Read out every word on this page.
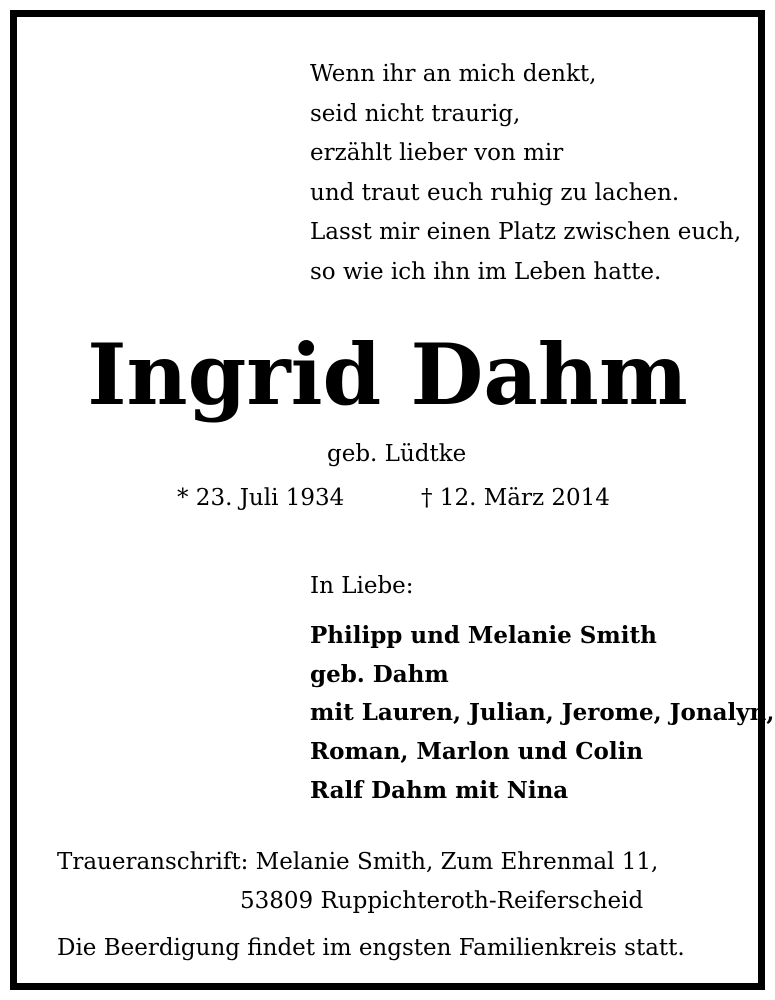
Wenn ihr an mich denkt,
seid nicht traurig,
erzählt lieber von mir
und traut euch ruhig zu lachen.
Lasst mir einen Platz zwischen euch,
so wie ich ihn im Leben hatte.
Ingrid Dahm
geb. Lüdtke
* 23. Juli 1934	† 12. März 2014
In Liebe:
Philipp und Melanie Smith
geb. Dahm
mit Lauren, Julian, Jerome, Jonalyn,
Roman, Marlon und Colin
Ralf Dahm mit Nina
Traueranschrift: Melanie Smith, Zum Ehrenmal 11,
53809 Ruppichteroth-Reiferscheid
Die Beerdigung findet im engsten Familienkreis statt.
